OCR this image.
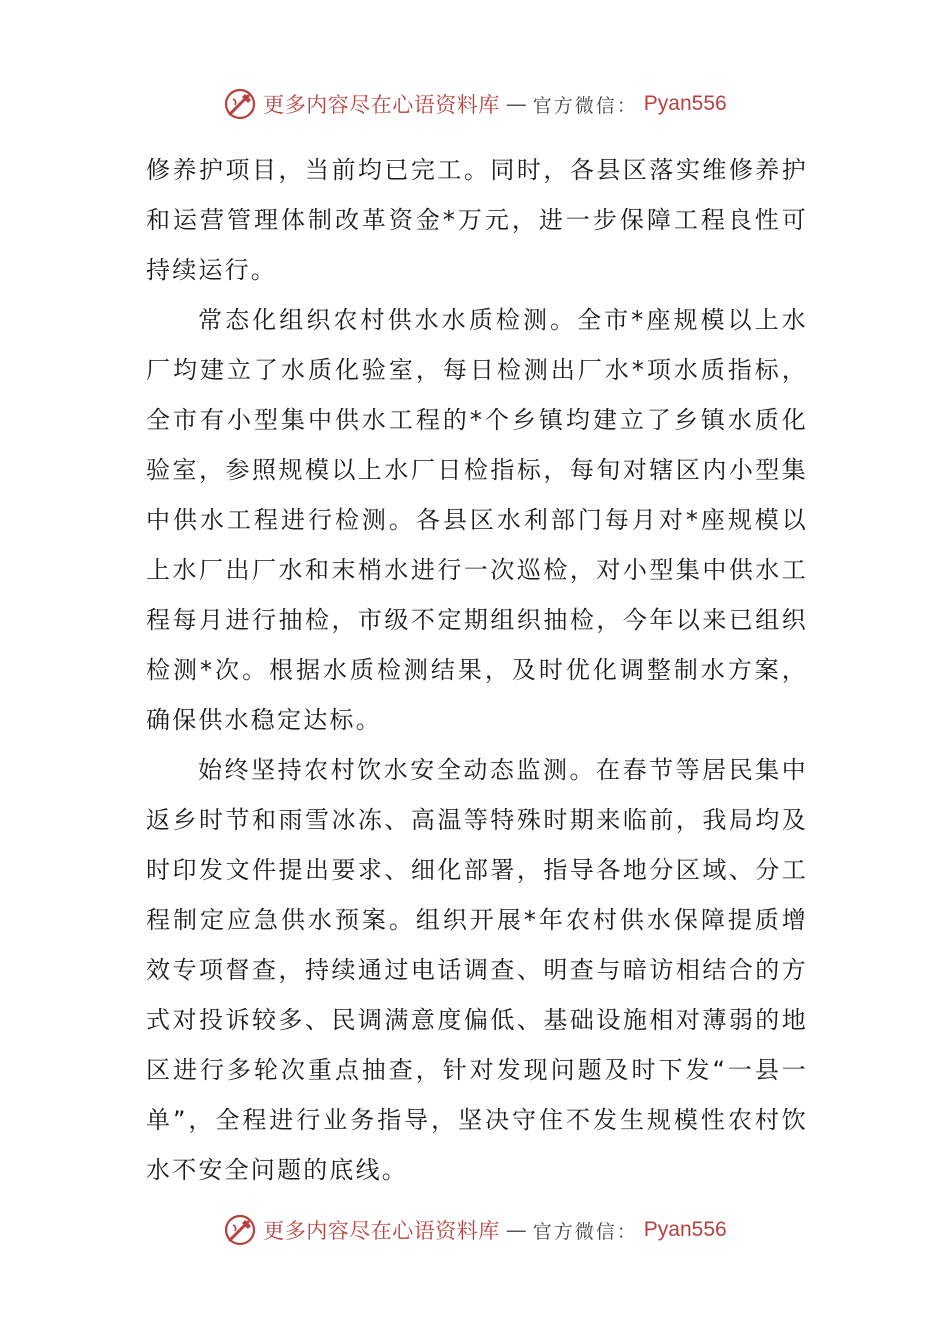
更多内容尽在心语资料库 — 官方微信： Pyan556

修养护项目，当前均已完工。同时，各县区落实维修养护和运营管理体制改革资金*万元，进一步保障工程良性可持续运行。

常态化组织农村供水水质检测。全市*座规模以上水厂均建立了水质化验室，每日检测出厂水*项水质指标，全市有小型集中供水工程的*个乡镇均建立了乡镇水质化验室，参照规模以上水厂日检指标，每旬对辖区内小型集中供水工程进行检测。各县区水利部门每月对*座规模以上水厂出厂水和末梢水进行一次巡检，对小型集中供水工程每月进行抽检，市级不定期组织抽检，今年以来已组织检测*次。根据水质检测结果，及时优化调整制水方案，确保供水稳定达标。

始终坚持农村饮水安全动态监测。在春节等居民集中返乡时节和雨雪冰冻、高温等特殊时期来临前，我局均及时印发文件提出要求、细化部署，指导各地分区域、分工程制定应急供水预案。组织开展*年农村供水保障提质增效专项督查，持续通过电话调查、明查与暗访相结合的方式对投诉较多、民调满意度偏低、基础设施相对薄弱的地区进行多轮次重点抽查，针对发现问题及时下发“一县一单”，全程进行业务指导，坚决守住不发生规模性农村饮水不安全问题的底线。

更多内容尽在心语资料库 — 官方微信： Pyan556
